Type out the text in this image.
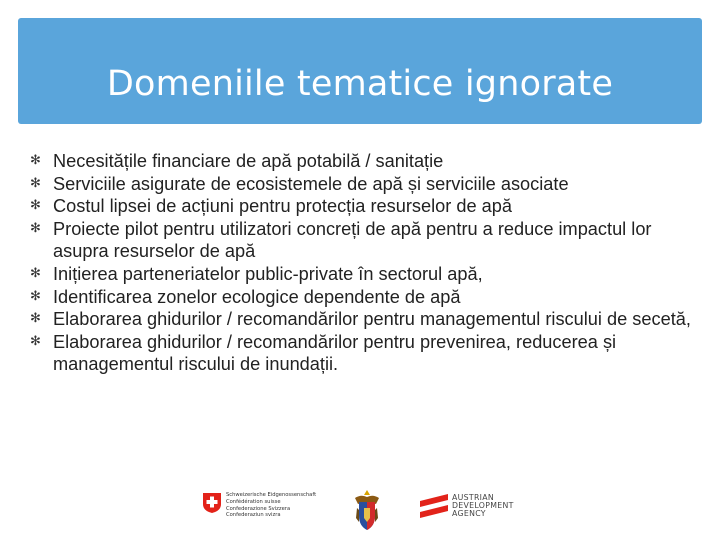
Domeniile tematice ignorate
✻ Necesitățile financiare de apă potabilă / sanitație
✻ Serviciile asigurate de ecosistemele de apă și serviciile asociate
✻ Costul lipsei de acțiuni pentru protecția resurselor de apă
✻ Proiecte pilot pentru utilizatori concreți de apă pentru a reduce impactul lor asupra resurselor de apă
✻ Inițierea parteneriatelor public-private în sectorul apă,
✻ Identificarea zonelor ecologice dependente de apă
✻ Elaborarea ghidurilor / recomandărilor pentru managementul riscului de secetă,
✻ Elaborarea ghidurilor / recomandărilor pentru prevenirea, reducerea și managementul riscului de inundații.
Schweizerische Eidgenossenschaft
Confédération suisse
Confederazione Svizzera
Confederaziun svizra
AUSTRIAN
DEVELOPMENT
AGENCY
